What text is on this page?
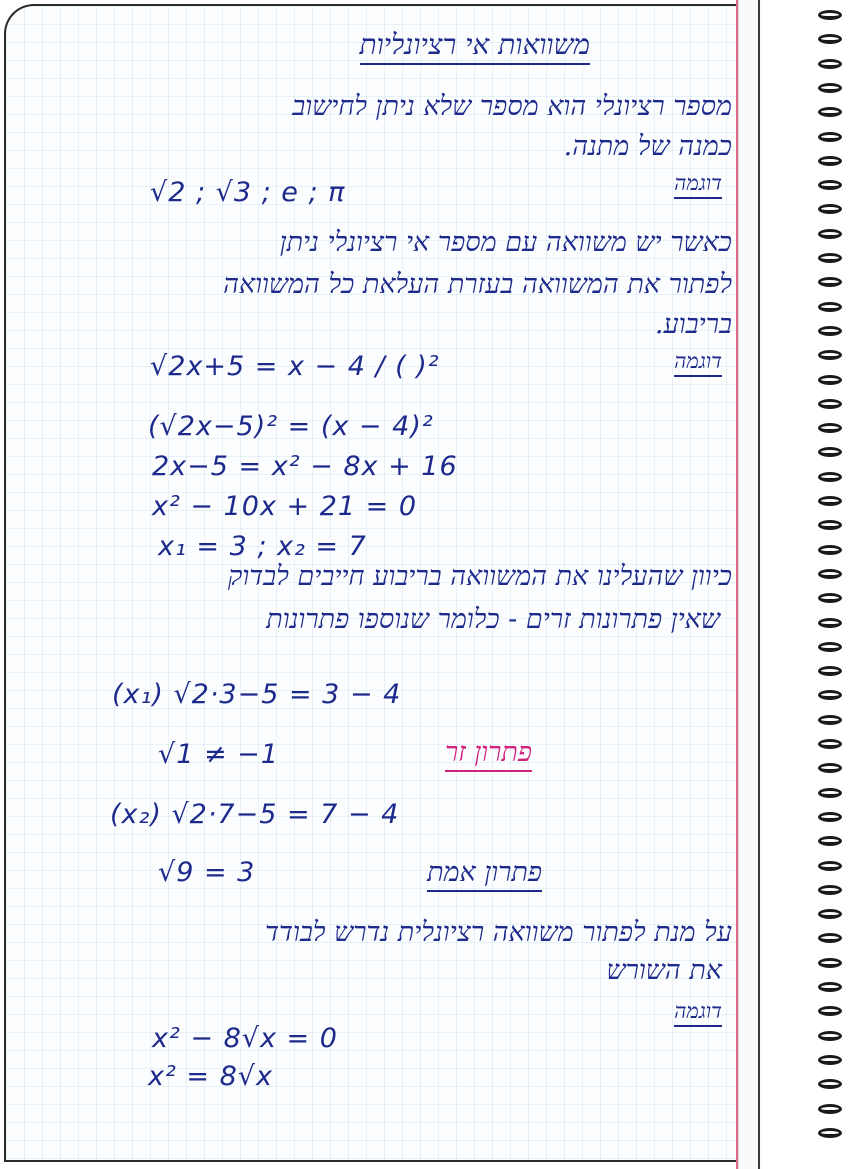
משוואות אי רציונליות
מספר רציונלי הוא מספר שלא ניתן לחישוב
כמנה של מתנה.
דוגמה
√2 ; √3 ; e ; π
כאשר יש משוואה עם מספר אי רציונלי ניתן
לפתור את המשוואה בעזרת העלאת כל המשוואה
בריבוע.
דוגמה
√2x+5 = x − 4 / ( )²
(√2x−5)² = (x − 4)²
2x−5 = x² − 8x + 16
x² − 10x + 21 = 0
x₁ = 3 ; x₂ = 7
כיוון שהעלינו את המשוואה בריבוע חייבים לבדוק
שאין פתרונות זרים - כלומר שנוספו פתרונות
(x₁) √2·3−5 = 3 − 4
√1 ≠ −1	פתרון זר
(x₂) √2·7−5 = 7 − 4
√9 = 3	פתרון אמת
על מנת לפתור משוואה רציונלית נדרש לבודד
את השורש
דוגמה
x² − 8√x = 0
x² = 8√x
